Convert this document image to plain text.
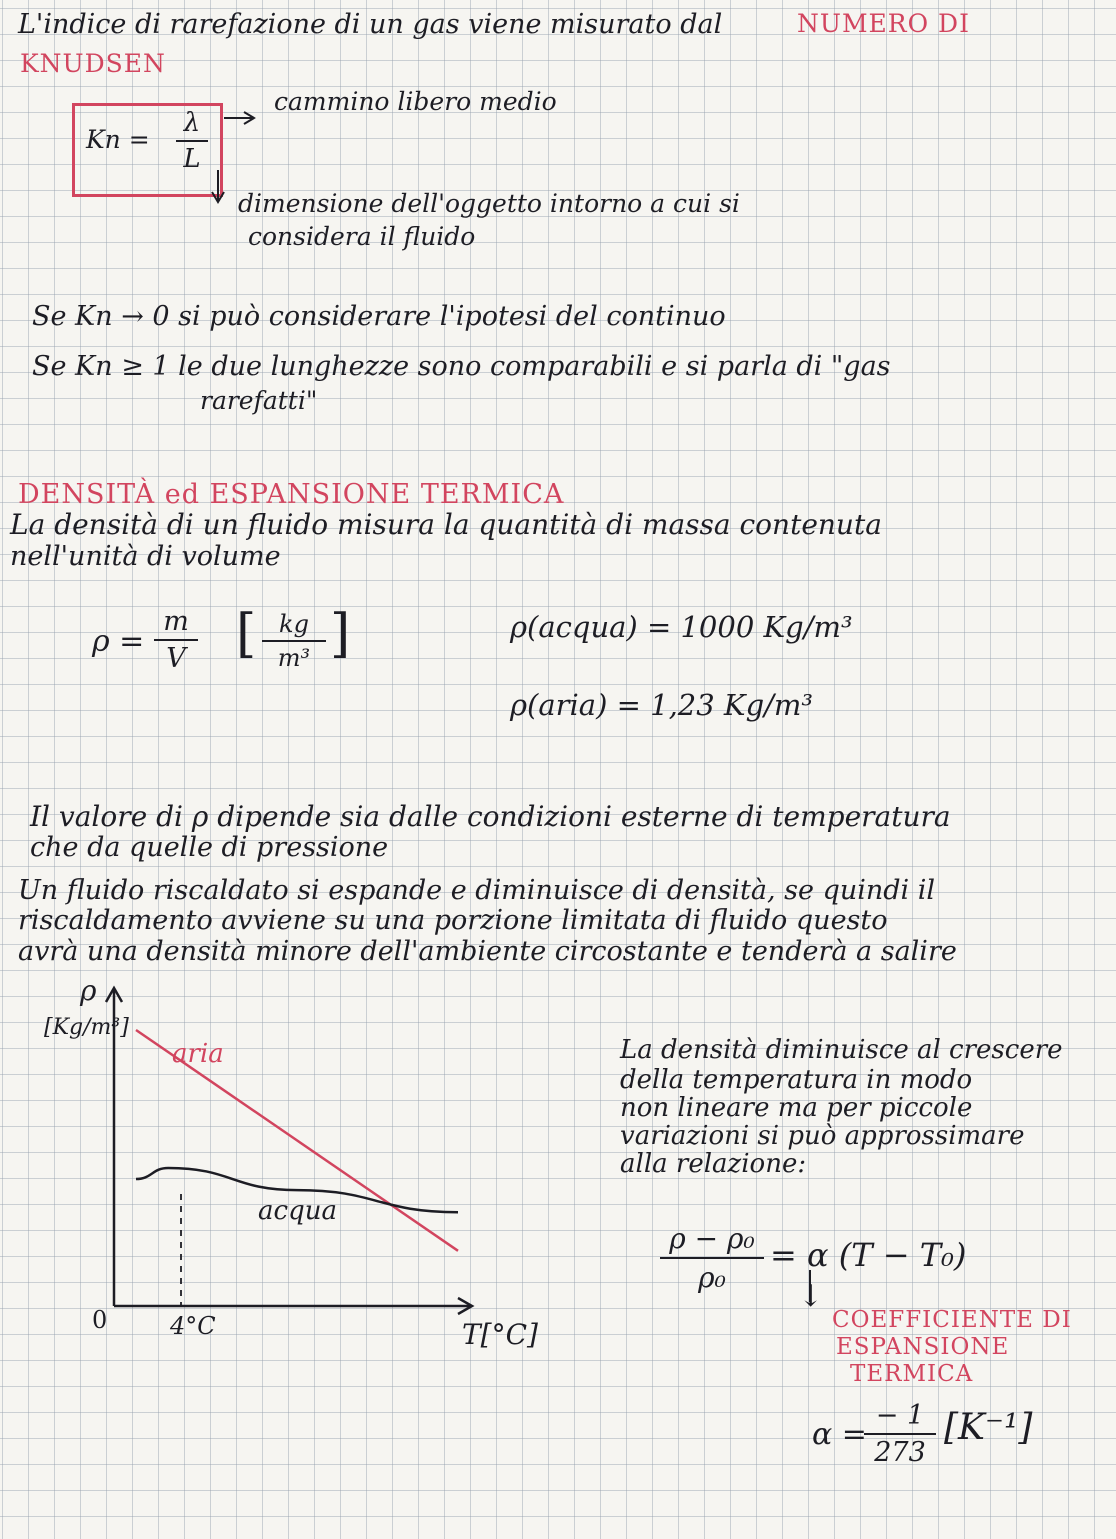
L'indice di rarefazione di un gas viene misurato dal	NUMERO DI
KNUDSEN
Kn =
λ
L
cammino libero medio
dimensione dell'oggetto intorno a cui si
considera il fluido
Se Kn → 0 si può considerare l'ipotesi del continuo
Se Kn ≥ 1 le due lunghezze sono comparabili e si parla di "gas
rarefatti"
DENSITÀ ed ESPANSIONE TERMICA
La densità di un fluido misura la quantità di massa contenuta
nell'unità di volume
ρ =
m
V [ kg
m³ ]	ρ(acqua) = 1000 Kg/m³
ρ(aria) = 1,23 Kg/m³
Il valore di ρ dipende sia dalle condizioni esterne di temperatura
che da quelle di pressione
Un fluido riscaldato si espande e diminuisce di densità, se quindi il
riscaldamento avviene su una porzione limitata di fluido questo
avrà una densità minore dell'ambiente circostante e tenderà a salire
ρ
[Kg/m³]
0	4°C	T[°C]
aria
acqua
La densità diminuisce al crescere
della temperatura in modo
non lineare ma per piccole
variazioni si può approssimare
alla relazione:
ρ − ρ₀
ρ₀
= α (T − T₀)
↓
COEFFICIENTE DI
ESPANSIONE
TERMICA
α =
− 1
273
[K⁻¹]
